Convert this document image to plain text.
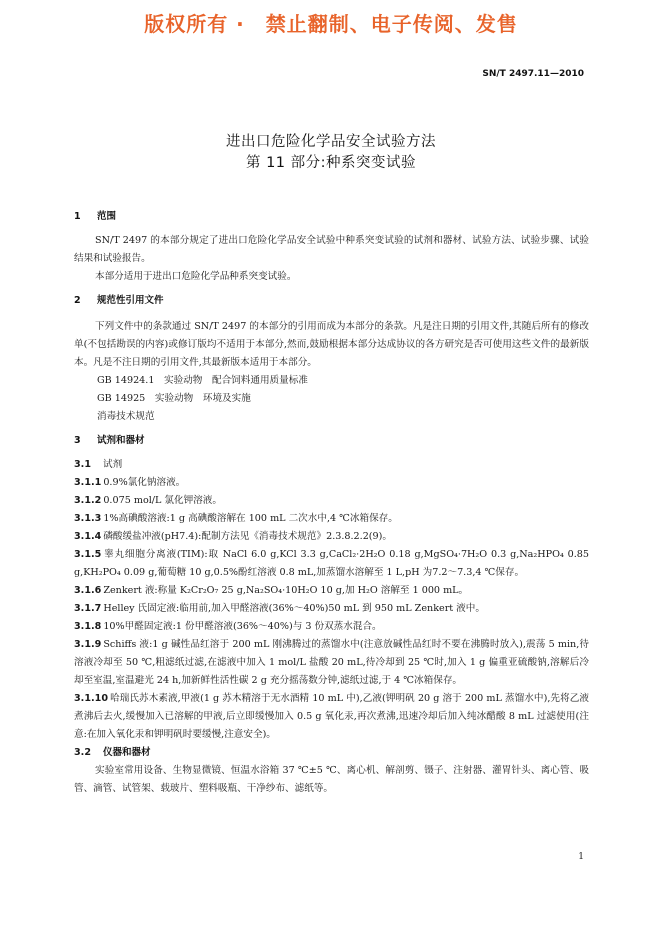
版权所有 ·　禁止翻制、电子传阅、发售
SN/T 2497.11—2010
进出口危险化学品安全试验方法
第 11 部分:种系突变试验
1 范围
SN/T 2497 的本部分规定了进出口危险化学品安全试验中种系突变试验的试剂和器材、试验方法、试验步骤、试验结果和试验报告。
本部分适用于进出口危险化学品种系突变试验。
2 规范性引用文件
下列文件中的条款通过 SN/T 2497 的本部分的引用而成为本部分的条款。凡是注日期的引用文件,其随后所有的修改单(不包括勘误的内容)或修订版均不适用于本部分,然而,鼓励根据本部分达成协议的各方研究是否可使用这些文件的最新版本。凡是不注日期的引用文件,其最新版本适用于本部分。
GB 14924.1　实验动物　配合饲料通用质量标准
GB 14925　实验动物　环境及实施
消毒技术规范
3 试剂和器材
3.1 试剂
3.1.1 0.9%氯化钠溶液。
3.1.2 0.075 mol/L 氯化钾溶液。
3.1.3 1%高碘酸溶液:1 g 高碘酸溶解在 100 mL 二次水中,4 ℃冰箱保存。
3.1.4 磷酸缓盐冲液(pH7.4):配制方法见《消毒技术规范》2.3.8.2.2(9)。
3.1.5 睾丸细胞分离液(TIM):取 NaCl 6.0 g,KCl 3.3 g,CaCl₂·2H₂O 0.18 g,MgSO₄·7H₂O 0.3 g,Na₂HPO₄ 0.85 g,KH₂PO₄ 0.09 g,葡萄糖 10 g,0.5%酚红溶液 0.8 mL,加蒸馏水溶解至 1 L,pH 为7.2～7.3,4 ℃保存。
3.1.6 Zenkert 液:称量 K₂Cr₂O₇ 25 g,Na₂SO₄·10H₂O 10 g,加 H₂O 溶解至 1 000 mL。
3.1.7 Helley 氏固定液:临用前,加入甲醛溶液(36%～40%)50 mL 到 950 mL Zenkert 液中。
3.1.8 10%甲醛固定液:1 份甲醛溶液(36%～40%)与 3 份双蒸水混合。
3.1.9 Schiffs 液:1 g 碱性品红溶于 200 mL 刚沸腾过的蒸馏水中(注意放碱性品红时不要在沸腾时放入),震荡 5 min,待溶液冷却至 50 ℃,粗滤纸过滤,在滤液中加入 1 mol/L 盐酸 20 mL,待冷却到 25 ℃时,加入 1 g 偏重亚硫酸钠,溶解后冷却至室温,室温避光 24 h,加新鲜性活性碳 2 g 充分摇荡数分钟,滤纸过滤,于 4 ℃冰箱保存。
3.1.10 哈瑞氏苏木素液,甲液(1 g 苏木精溶于无水酒精 10 mL 中),乙液(钾明矾 20 g 溶于 200 mL 蒸馏水中),先将乙液煮沸后去火,缓慢加入已溶解的甲液,后立即缓慢加入 0.5 g 氧化汞,再次煮沸,迅速冷却后加入纯冰醋酸 8 mL 过滤使用(注意:在加入氧化汞和钾明矾时要缓慢,注意安全)。
3.2 仪器和器材
实验室常用设备、生物显微镜、恒温水浴箱 37 ℃±5 ℃、离心机、解剖剪、镊子、注射器、灌胃针头、离心管、吸管、滴管、试管架、载玻片、塑料吸瓶、干净纱布、滤纸等。
1
